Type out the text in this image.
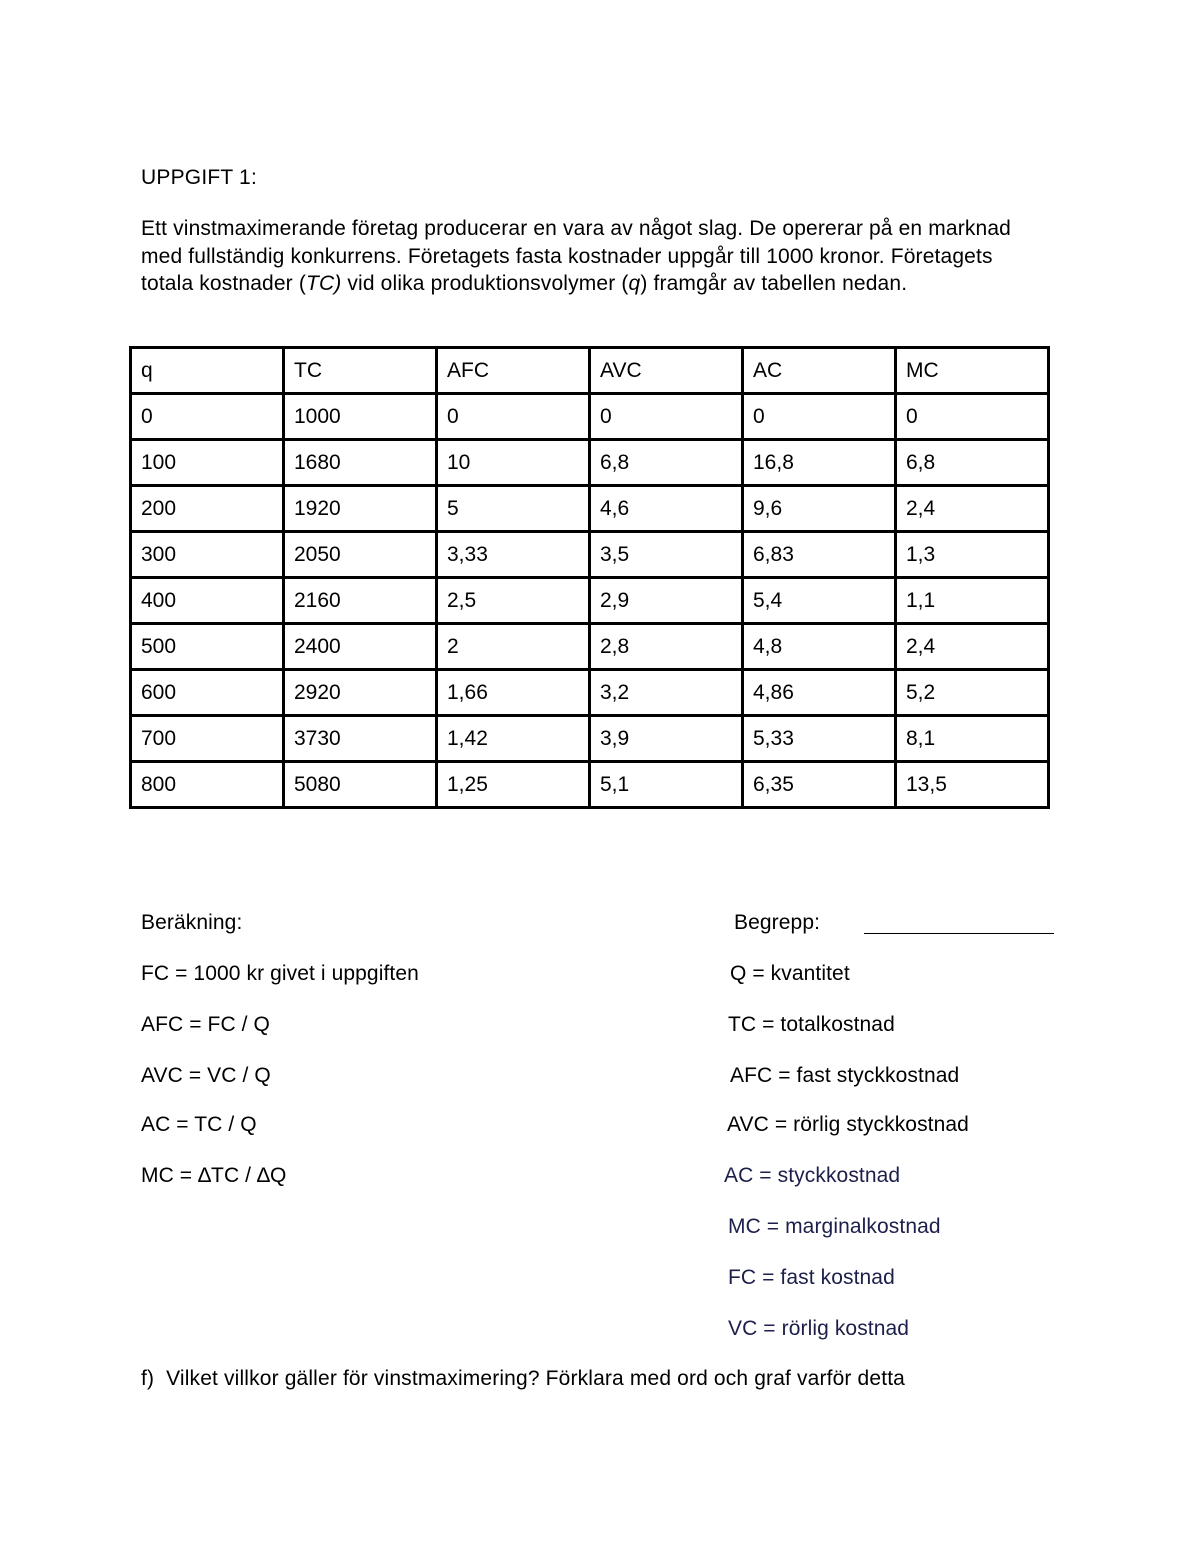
UPPGIFT 1:

Ett vinstmaximerande företag producerar en vara av något slag. De opererar på en marknad med fullständig konkurrens. Företagets fasta kostnader uppgår till 1000 kronor. Företagets totala kostnader (TC) vid olika produktionsvolymer (q) framgår av tabellen nedan.

q	TC	AFC	AVC	AC	MC
0	1000	0	0	0	0
100	1680	10	6,8	16,8	6,8
200	1920	5	4,6	9,6	2,4
300	2050	3,33	3,5	6,83	1,3
400	2160	2,5	2,9	5,4	1,1
500	2400	2	2,8	4,8	2,4
600	2920	1,66	3,2	4,86	5,2
700	3730	1,42	3,9	5,33	8,1
800	5080	1,25	5,1	6,35	13,5
Beräkning:
FC = 1000 kr givet i uppgiften
AFC = FC / Q
AVC = VC / Q
AC = TC / Q
MC = ∆TC / ∆Q
Begrepp:
Q = kvantitet
TC = totalkostnad
AFC = fast styckkostnad
AVC = rörlig styckkostnad
AC = styckkostnad
MC = marginalkostnad
FC = fast kostnad
VC = rörlig kostnad
f) Vilket villkor gäller för vinstmaximering? Förklara med ord och graf varför detta
